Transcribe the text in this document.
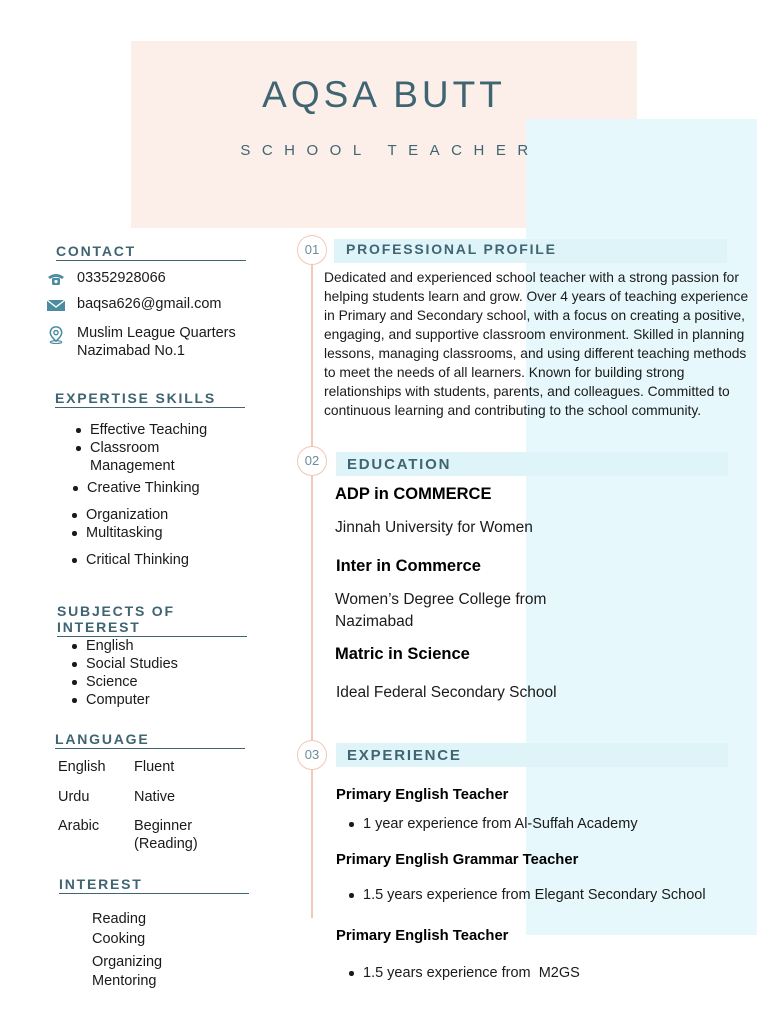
AQSA BUTT
SCHOOL TEACHER
CONTACT
03352928066
baqsa626@gmail.com
Muslim League Quarters
Nazimabad No.1
EXPERTISE SKILLS
Effective Teaching
Classroom
Management
Creative Thinking
Organization
Multitasking
Critical Thinking
SUBJECTS OF INTEREST
English
Social Studies
Science
Computer
LANGUAGE
English Fluent
Urdu	Native
Arabic Beginner
(Reading)
INTEREST
Reading
Cooking
Organizing
Mentoring
01	PROFESSIONAL PROFILE
Dedicated and experienced school teacher with a strong passion for helping students learn and grow. Over 4 years of teaching experience in Primary and Secondary school, with a focus on creating a positive, engaging, and supportive classroom environment. Skilled in planning lessons, managing classrooms, and using different teaching methods to meet the needs of all learners. Known for building strong relationships with students, parents, and colleagues. Committed to continuous learning and contributing to the school community.
02	EDUCATION
ADP in COMMERCE
Jinnah University for Women
Inter in Commerce
Women’s Degree College from
Nazimabad
Matric in Science
Ideal Federal Secondary School
03	EXPERIENCE
Primary English Teacher
1 year experience from Al-Suffah Academy
Primary English Grammar Teacher
1.5 years experience from Elegant Secondary School
Primary English Teacher
1.5 years experience from  M2GS
